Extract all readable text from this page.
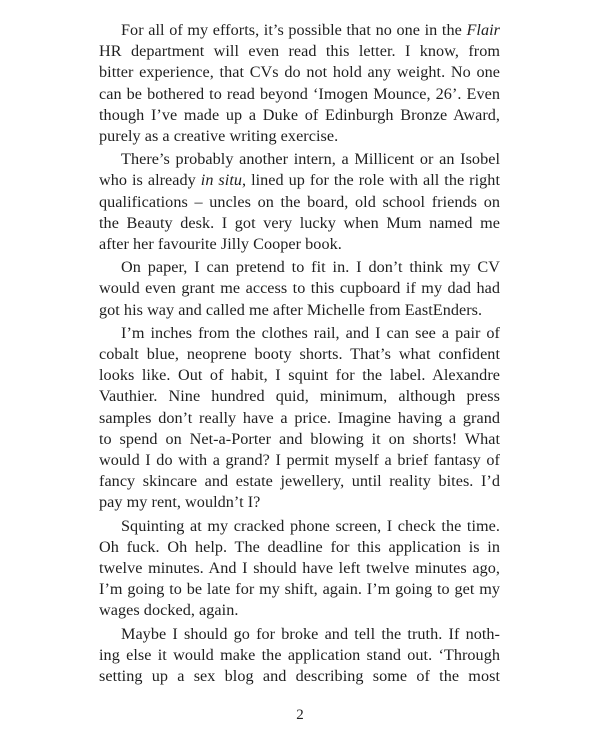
For all of my efforts, it’s possible that no one in the Flair
HR department will even read this letter. I know, from
bitter experience, that CVs do not hold any weight. No one
can be bothered to read beyond ‘Imogen Mounce, 26’. Even
though I’ve made up a Duke of Edinburgh Bronze Award,
purely as a creative writing exercise.

There’s probably another intern, a Millicent or an Isobel
who is already in situ, lined up for the role with all the right
qualifications – uncles on the board, old school friends on
the Beauty desk. I got very lucky when Mum named me
after her favourite Jilly Cooper book.

On paper, I can pretend to fit in. I don’t think my CV
would even grant me access to this cupboard if my dad had
got his way and called me after Michelle from EastEnders.

I’m inches from the clothes rail, and I can see a pair of
cobalt blue, neoprene booty shorts. That’s what confident
looks like. Out of habit, I squint for the label. Alexandre
Vauthier. Nine hundred quid, minimum, although press
samples don’t really have a price. Imagine having a grand
to spend on Net-a-Porter and blowing it on shorts! What
would I do with a grand? I permit myself a brief fantasy of
fancy skincare and estate jewellery, until reality bites. I’d
pay my rent, wouldn’t I?

Squinting at my cracked phone screen, I check the time.
Oh fuck. Oh help. The deadline for this application is in
twelve minutes. And I should have left twelve minutes ago,
I’m going to be late for my shift, again. I’m going to get my
wages docked, again.

Maybe I should go for broke and tell the truth. If noth-
ing else it would make the application stand out. ‘Through
setting up a sex blog and describing some of the most

2
